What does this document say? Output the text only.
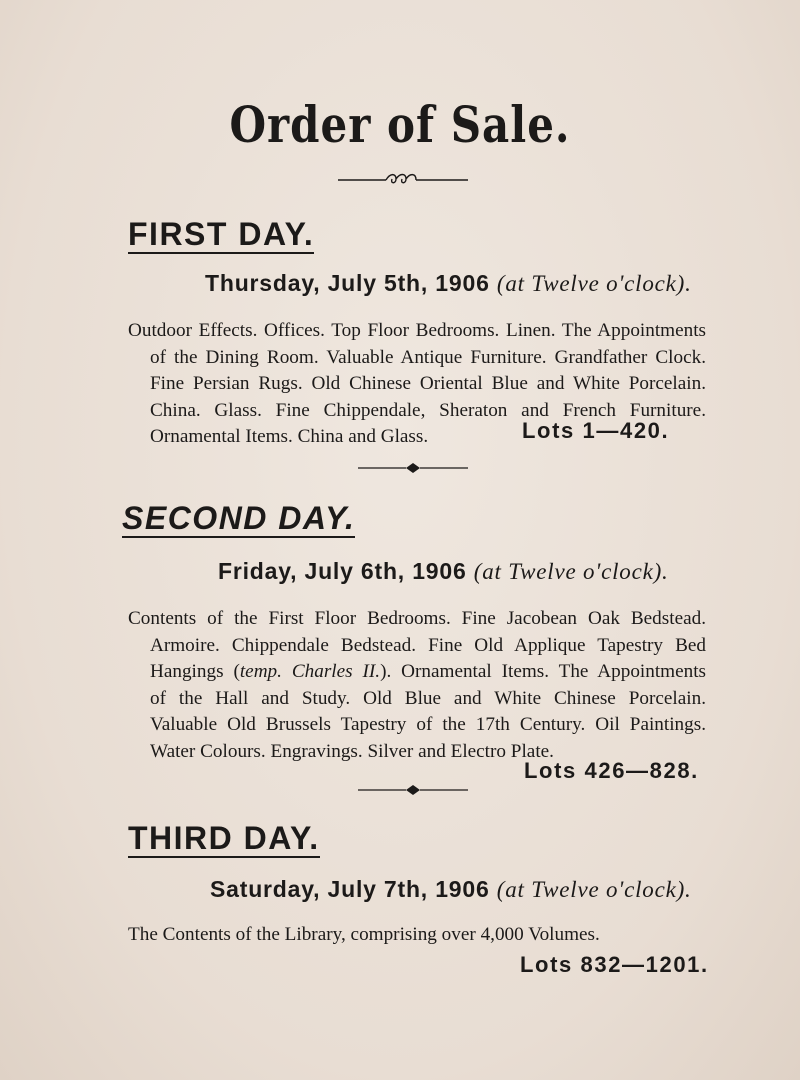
Order of Sale.
FIRST DAY.

Thursday, July 5th, 1906 (at Twelve o'clock).

Outdoor Effects. Offices. Top Floor Bedrooms. Linen. The Appointments
of the Dining Room. Valuable Antique Furniture. Grandfather Clock.
Fine Persian Rugs. Old Chinese Oriental Blue and White Porcelain.
China. Glass. Fine Chippendale, Sheraton and French Furniture.
Ornamental Items. China and Glass.	Lots 1—420.

SECOND DAY.

Friday, July 6th, 1906 (at Twelve o'clock).

Contents of the First Floor Bedrooms. Fine Jacobean Oak Bedstead.
Armoire. Chippendale Bedstead. Fine Old Applique Tapestry Bed
Hangings (temp. Charles II.). Ornamental Items. The Appointments
of the Hall and Study. Old Blue and White Chinese Porcelain.
Valuable Old Brussels Tapestry of the 17th Century. Oil Paintings.
Water Colours. Engravings. Silver and Electro Plate.

Lots 426—828.

THIRD DAY.

Saturday, July 7th, 1906 (at Twelve o'clock).

The Contents of the Library, comprising over 4,000 Volumes.

Lots 832—1201.
